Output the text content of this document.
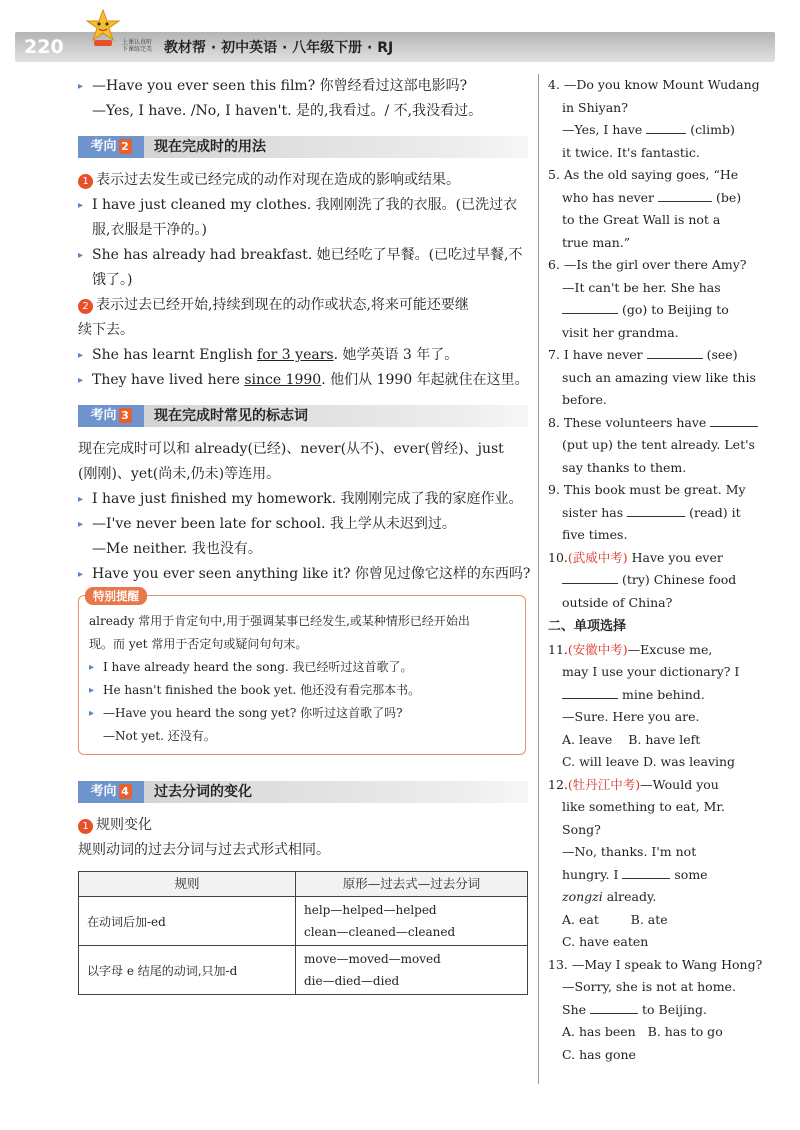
220	上课认真听
下课练完美 教材帮 · 初中英语 · 八年级下册 · RJ
▸ —Have you ever seen this film? 你曾经看过这部电影吗?
—Yes, I have. /No, I haven't. 是的,我看过。/ 不,我没看过。
考向 2	现在完成时的用法
1 表示过去发生或已经完成的动作对现在造成的影响或结果。
▸ I have just cleaned my clothes. 我刚刚洗了我的衣服。(已洗过衣
服,衣服是干净的。)
▸ She has already had breakfast. 她已经吃了早餐。(已吃过早餐,不
饿了。)
2 表示过去已经开始,持续到现在的动作或状态,将来可能还要继
续下去。
▸ She has learnt English for 3 years. 她学英语 3 年了。
▸ They have lived here since 1990. 他们从 1990 年起就住在这里。
考向 3	现在完成时常见的标志词
现在完成时可以和 already(已经)、never(从不)、ever(曾经)、just
(刚刚)、yet(尚未,仍未)等连用。
▸ I have just finished my homework. 我刚刚完成了我的家庭作业。
▸ —I've never been late for school. 我上学从未迟到过。
—Me neither. 我也没有。
▸ Have you ever seen anything like it? 你曾见过像它这样的东西吗?
特别提醒
already 常用于肯定句中,用于强调某事已经发生,或某种情形已经开始出
现。而 yet 常用于否定句或疑问句句末。
▸ I have already heard the song. 我已经听过这首歌了。
▸ He hasn't finished the book yet. 他还没有看完那本书。
▸ —Have you heard the song yet? 你听过这首歌了吗?
—Not yet. 还没有。
考向 4	过去分词的变化
1 规则变化
规则动词的过去分词与过去式形式相同。
规则	原形—过去式—过去分词
在动词后加-ed	help—helped—helped
clean—cleaned—cleaned

以字母 e 结尾的动词,只加-d	move—moved—moved
die—died—died
4. —Do you know Mount Wudang
in Shiyan?
—Yes, I have	(climb)
it twice. It's fantastic.
5. As the old saying goes, “He
who has never	(be)
to the Great Wall is not a
true man.”
6. —Is the girl over there Amy?
—It can't be her. She has
(go) to Beijing to
visit her grandma.
7. I have never	(see)
such an amazing view like this
before.
8. These volunteers have
(put up) the tent already. Let's
say thanks to them.
9. This book must be great. My
sister has	(read) it
five times.
10.(武威中考) Have you ever
(try) Chinese food
outside of China?
二、单项选择
11.(安徽中考)—Excuse me,
may I use your dictionary? I
mine behind.
—Sure. Here you are.
A. leave B. have left
C. will leave D. was leaving
12.(牡丹江中考)—Would you
like something to eat, Mr.
Song?
—No, thanks. I'm not
hungry. I	some
zongzi already.
A. eat	B. ate
C. have eaten
13. —May I speak to Wang Hong?
—Sorry, she is not at home.
She	to Beijing.
A. has been B. has to go
C. has gone
